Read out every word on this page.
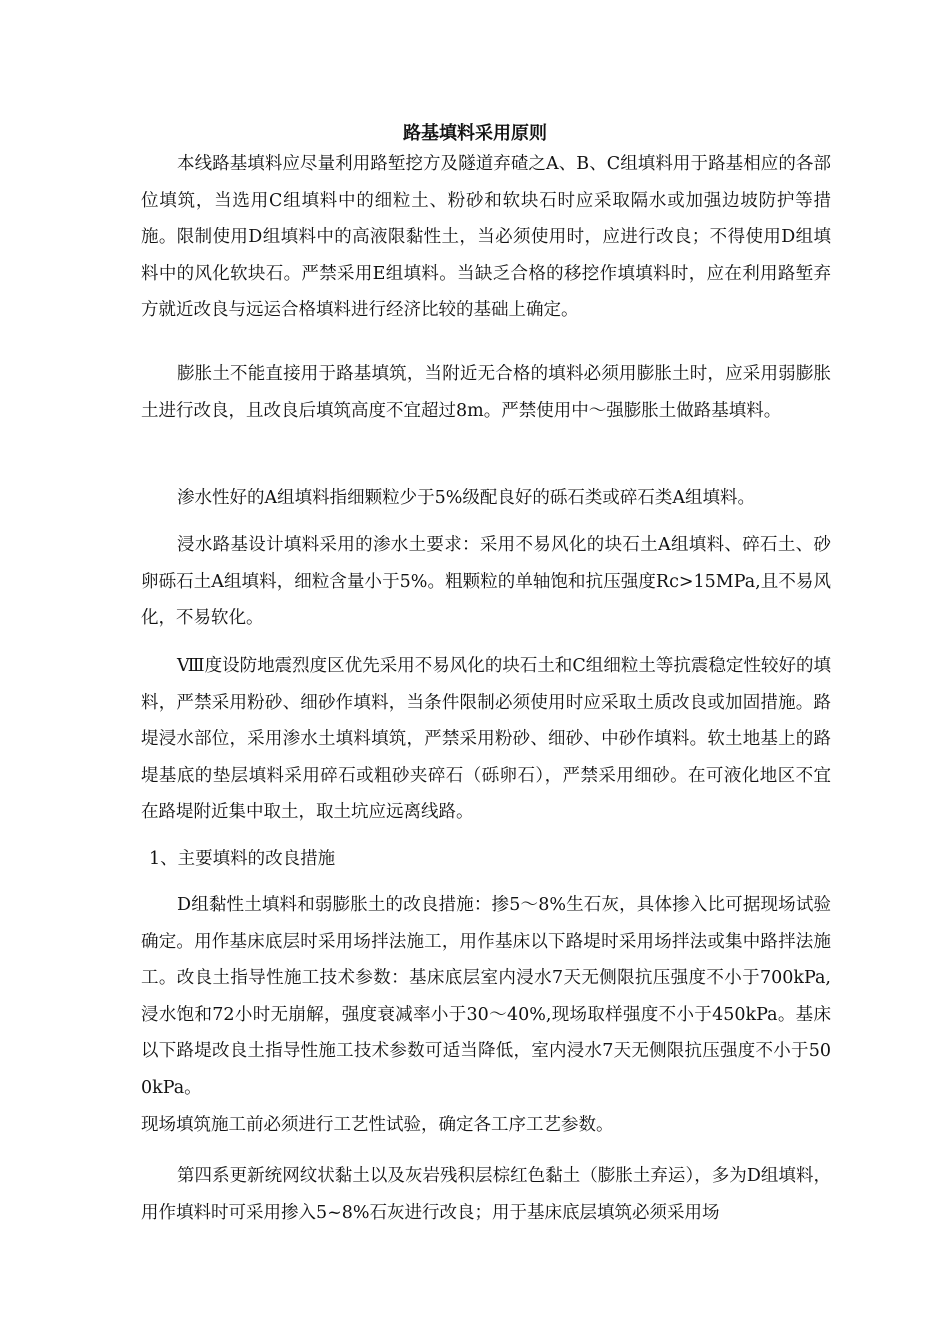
路基填料采用原则

本线路基填料应尽量利用路堑挖方及隧道弃碴之A、B、C组填料用于路基相应的各部位填筑，当选用C组填料中的细粒土、粉砂和软块石时应采取隔水或加强边坡防护等措施。限制使用D组填料中的高液限黏性土，当必须使用时，应进行改良；不得使用D组填料中的风化软块石。严禁采用E组填料。当缺乏合格的移挖作填填料时，应在利用路堑弃方就近改良与远运合格填料进行经济比较的基础上确定。

膨胀土不能直接用于路基填筑，当附近无合格的填料必须用膨胀土时，应采用弱膨胀土进行改良，且改良后填筑高度不宜超过8m。严禁使用中～强膨胀土做路基填料。

渗水性好的A组填料指细颗粒少于5%级配良好的砾石类或碎石类A组填料。

浸水路基设计填料采用的渗水土要求：采用不易风化的块石土A组填料、碎石土、砂卵砾石土A组填料，细粒含量小于5%。粗颗粒的单轴饱和抗压强度Rc>15MPa,且不易风化，不易软化。

Ⅷ度设防地震烈度区优先采用不易风化的块石土和C组细粒土等抗震稳定性较好的填料，严禁采用粉砂、细砂作填料，当条件限制必须使用时应采取土质改良或加固措施。路堤浸水部位，采用渗水土填料填筑，严禁采用粉砂、细砂、中砂作填料。软土地基上的路堤基底的垫层填料采用碎石或粗砂夹碎石（砾卵石），严禁采用细砂。在可液化地区不宜在路堤附近集中取土，取土坑应远离线路。

1、主要填料的改良措施

D组黏性土填料和弱膨胀土的改良措施：掺5～8%生石灰，具体掺入比可据现场试验确定。用作基床底层时采用场拌法施工，用作基床以下路堤时采用场拌法或集中路拌法施工。改良土指导性施工技术参数：基床底层室内浸水7天无侧限抗压强度不小于700kPa,浸水饱和72小时无崩解，强度衰减率小于30～40%,现场取样强度不小于450kPa。基床以下路堤改良土指导性施工技术参数可适当降低，室内浸水7天无侧限抗压强度不小于500kPa。

现场填筑施工前必须进行工艺性试验，确定各工序工艺参数。

第四系更新统网纹状黏土以及灰岩残积层棕红色黏土（膨胀土弃运），多为D组填料，用作填料时可采用掺入5~8%石灰进行改良；用于基床底层填筑必须采用场
